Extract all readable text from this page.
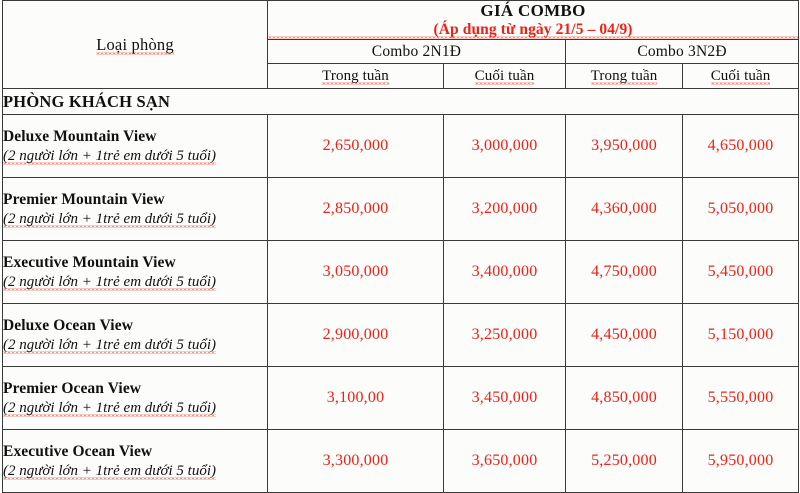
Loại phòng	GIÁ COMBO
(Áp dụng từ ngày 21/5 – 04/9)			

	Combo 2N1Đ		Combo 3N2Đ	
	Trong tuần	Cuối tuần	Trong tuần	Cuối tuần
PHÒNG KHÁCH SẠN				

Deluxe Mountain View
(2 người lớn + 1trẻ em dưới 5 tuổi)	2,650,000	3,000,000	3,950,000	4,650,000

Premier Mountain View
(2 người lớn + 1trẻ em dưới 5 tuổi)	2,850,000	3,200,000	4,360,000	5,050,000

Executive Mountain View
(2 người lớn + 1trẻ em dưới 5 tuổi)	3,050,000	3,400,000	4,750,000	5,450,000

Deluxe Ocean View
(2 người lớn + 1trẻ em dưới 5 tuổi)	2,900,000	3,250,000	4,450,000	5,150,000

Premier Ocean View
(2 người lớn + 1trẻ em dưới 5 tuổi)	3,100,00	3,450,000	4,850,000	5,550,000

Executive Ocean View
(2 người lớn + 1trẻ em dưới 5 tuổi)	3,300,000	3,650,000	5,250,000	5,950,000
